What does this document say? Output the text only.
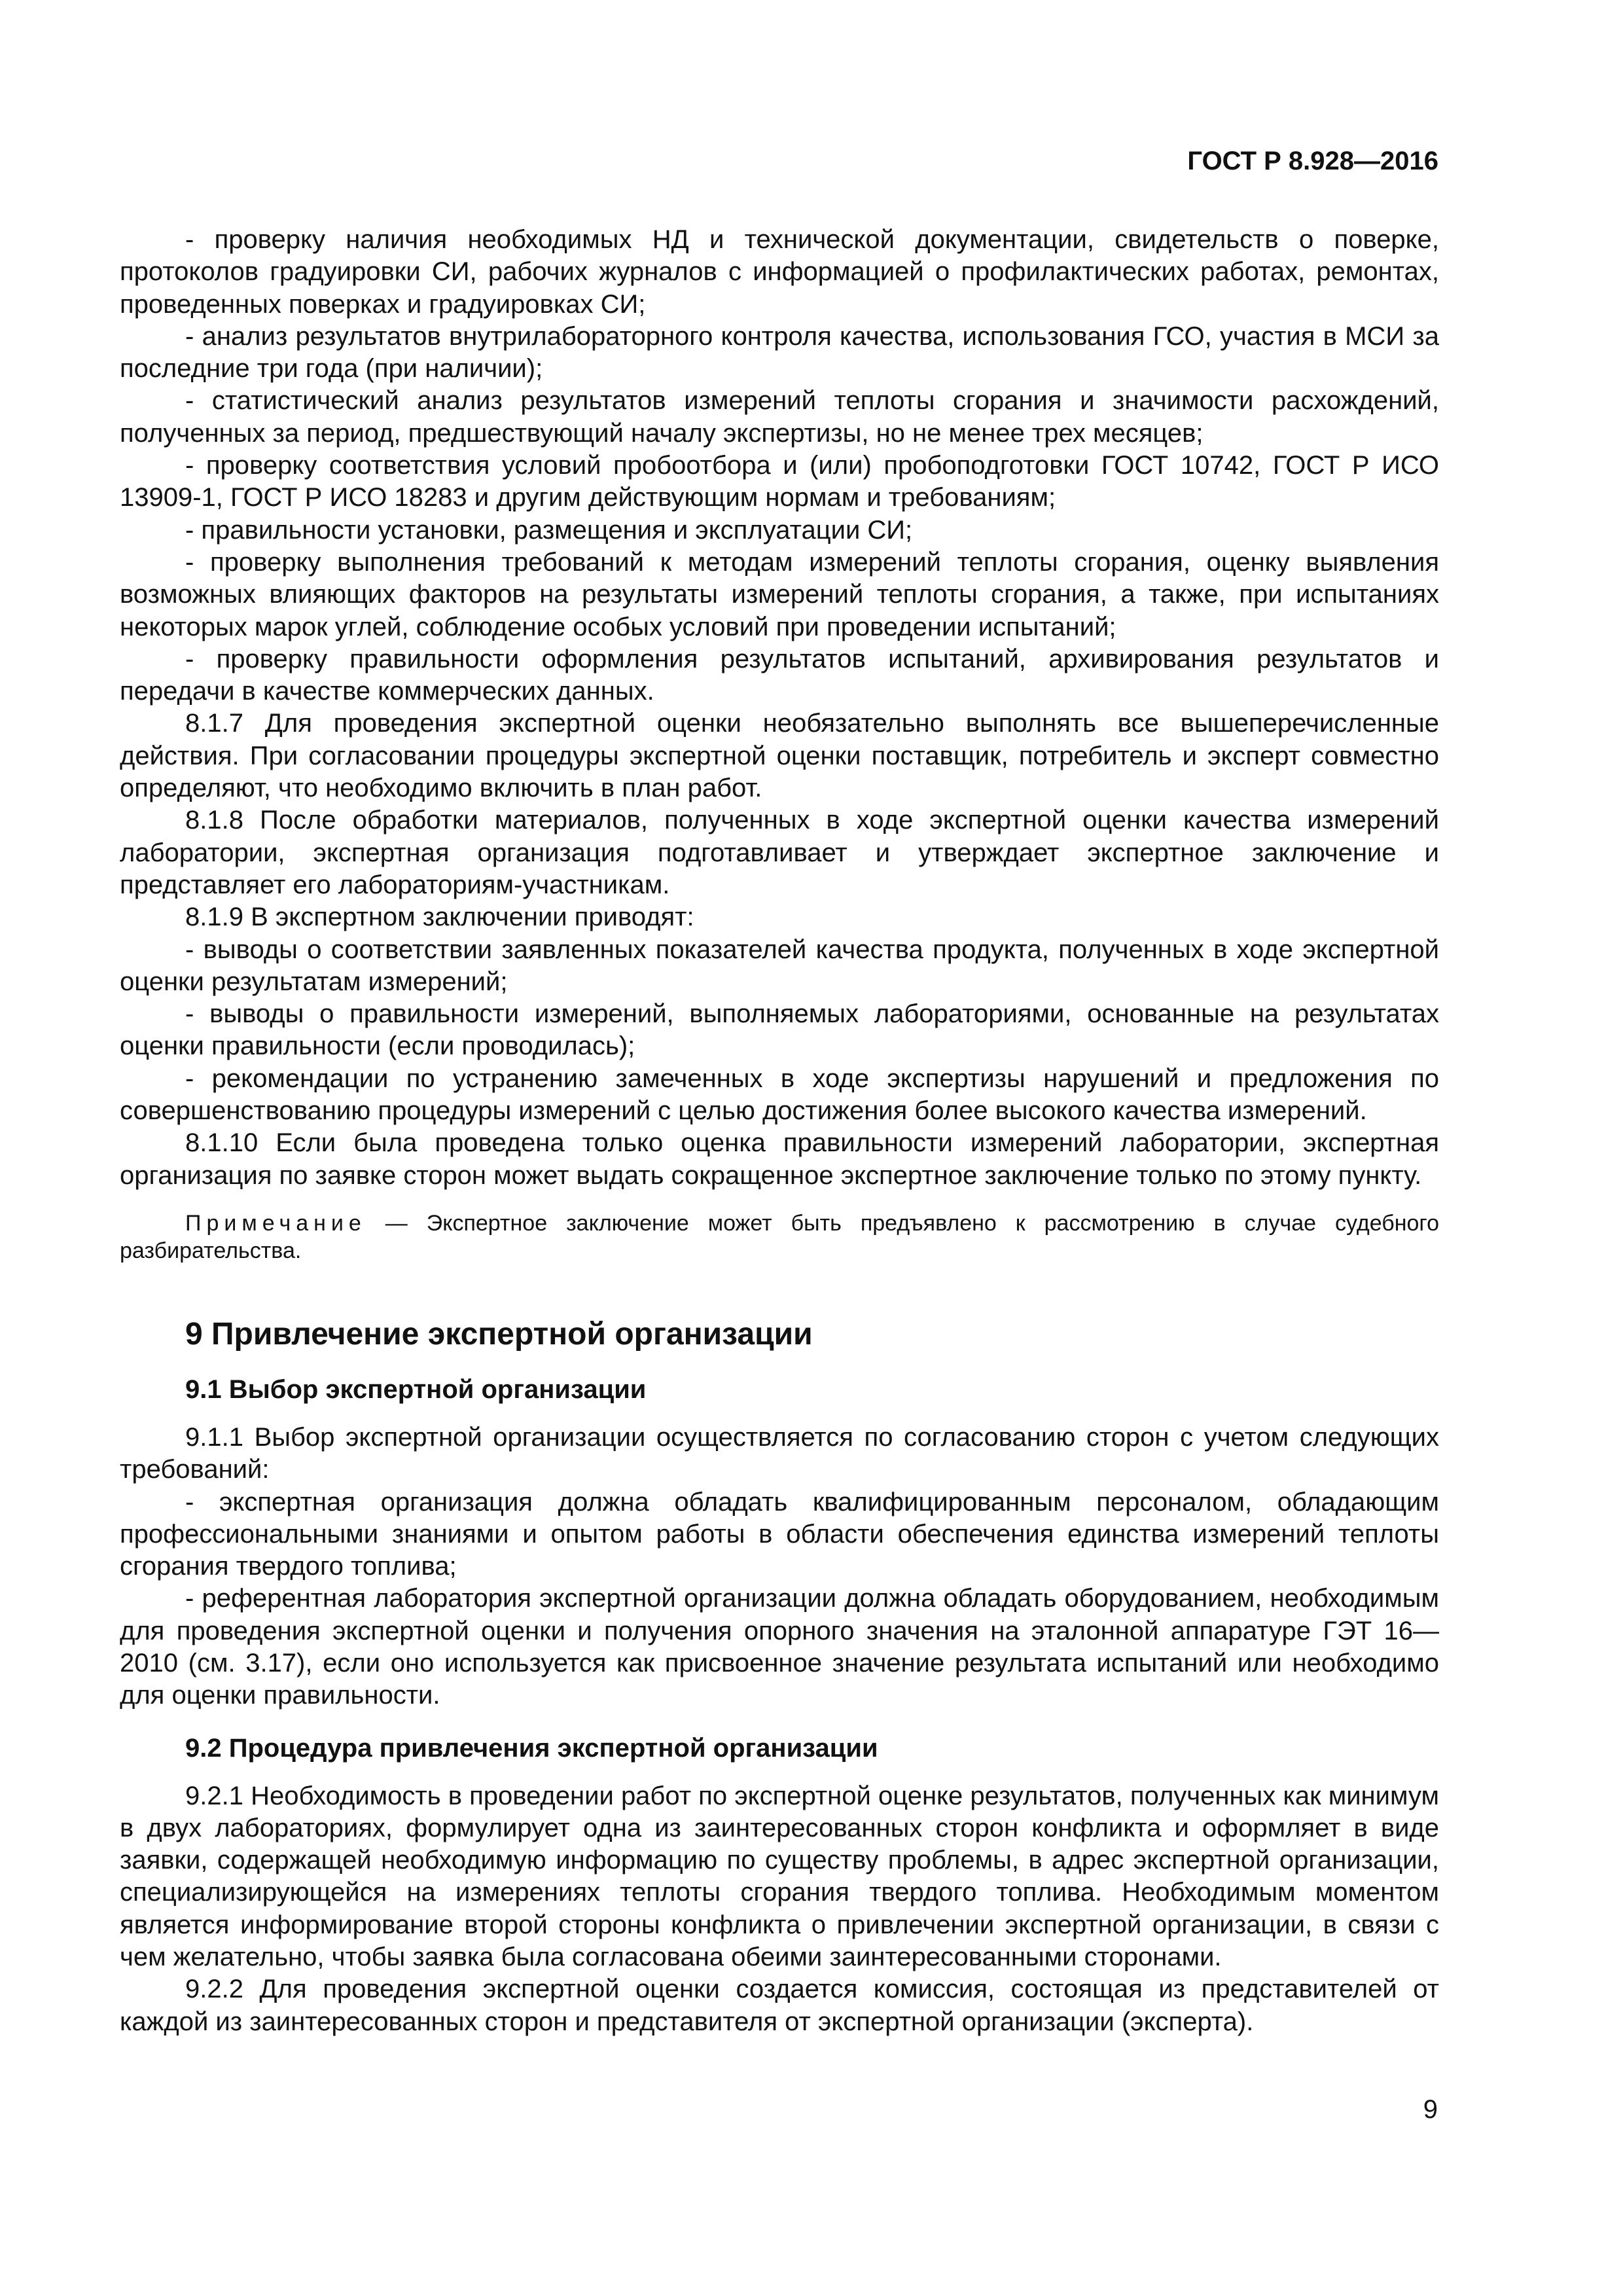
ГОСТ Р 8.928—2016

- проверку наличия необходимых НД и технической документации, свидетельств о поверке, протоколов градуировки СИ, рабочих журналов с информацией о профилактических работах, ремонтах, проведенных поверках и градуировках СИ;

- анализ результатов внутрилабораторного контроля качества, использования ГСО, участия в МСИ за последние три года (при наличии);

- статистический анализ результатов измерений теплоты сгорания и значимости расхождений, полученных за период, предшествующий началу экспертизы, но не менее трех месяцев;

- проверку соответствия условий пробоотбора и (или) пробоподготовки ГОСТ 10742, ГОСТ Р ИСО 13909-1, ГОСТ Р ИСО 18283 и другим действующим нормам и требованиям;

- правильности установки, размещения и эксплуатации СИ;

- проверку выполнения требований к методам измерений теплоты сгорания, оценку выявления возможных влияющих факторов на результаты измерений теплоты сгорания, а также, при испытаниях некоторых марок углей, соблюдение особых условий при проведении испытаний;

- проверку правильности оформления результатов испытаний, архивирования результатов и передачи в качестве коммерческих данных.

8.1.7 Для проведения экспертной оценки необязательно выполнять все вышеперечисленные действия. При согласовании процедуры экспертной оценки поставщик, потребитель и эксперт совместно определяют, что необходимо включить в план работ.

8.1.8 После обработки материалов, полученных в ходе экспертной оценки качества измерений лаборатории, экспертная организация подготавливает и утверждает экспертное заключение и представляет его лабораториям-участникам.

8.1.9 В экспертном заключении приводят:

- выводы о соответствии заявленных показателей качества продукта, полученных в ходе экспертной оценки результатам измерений;

- выводы о правильности измерений, выполняемых лабораториями, основанные на результатах оценки правильности (если проводилась);

- рекомендации по устранению замеченных в ходе экспертизы нарушений и предложения по совершенствованию процедуры измерений с целью достижения более высокого качества измерений.

8.1.10 Если была проведена только оценка правильности измерений лаборатории, экспертная организация по заявке сторон может выдать сокращенное экспертное заключение только по этому пункту.

Примечание — Экспертное заключение может быть предъявлено к рассмотрению в случае судебного разбирательства.

9 Привлечение экспертной организации
9.1 Выбор экспертной организации

9.1.1 Выбор экспертной организации осуществляется по согласованию сторон с учетом следующих требований:

- экспертная организация должна обладать квалифицированным персоналом, обладающим профессиональными знаниями и опытом работы в области обеспечения единства измерений теплоты сгорания твердого топлива;

- референтная лаборатория экспертной организации должна обладать оборудованием, необходимым для проведения экспертной оценки и получения опорного значения на эталонной аппаратуре ГЭТ 16—2010 (см. 3.17), если оно используется как присвоенное значение результата испытаний или необходимо для оценки правильности.

9.2 Процедура привлечения экспертной организации

9.2.1 Необходимость в проведении работ по экспертной оценке результатов, полученных как минимум в двух лабораториях, формулирует одна из заинтересованных сторон конфликта и оформляет в виде заявки, содержащей необходимую информацию по существу проблемы, в адрес экспертной организации, специализирующейся на измерениях теплоты сгорания твердого топлива. Необходимым моментом является информирование второй стороны конфликта о привлечении экспертной организации, в связи с чем желательно, чтобы заявка была согласована обеими заинтересованными сторонами.

9.2.2 Для проведения экспертной оценки создается комиссия, состоящая из представителей от каждой из заинтересованных сторон и представителя от экспертной организации (эксперта).

9
